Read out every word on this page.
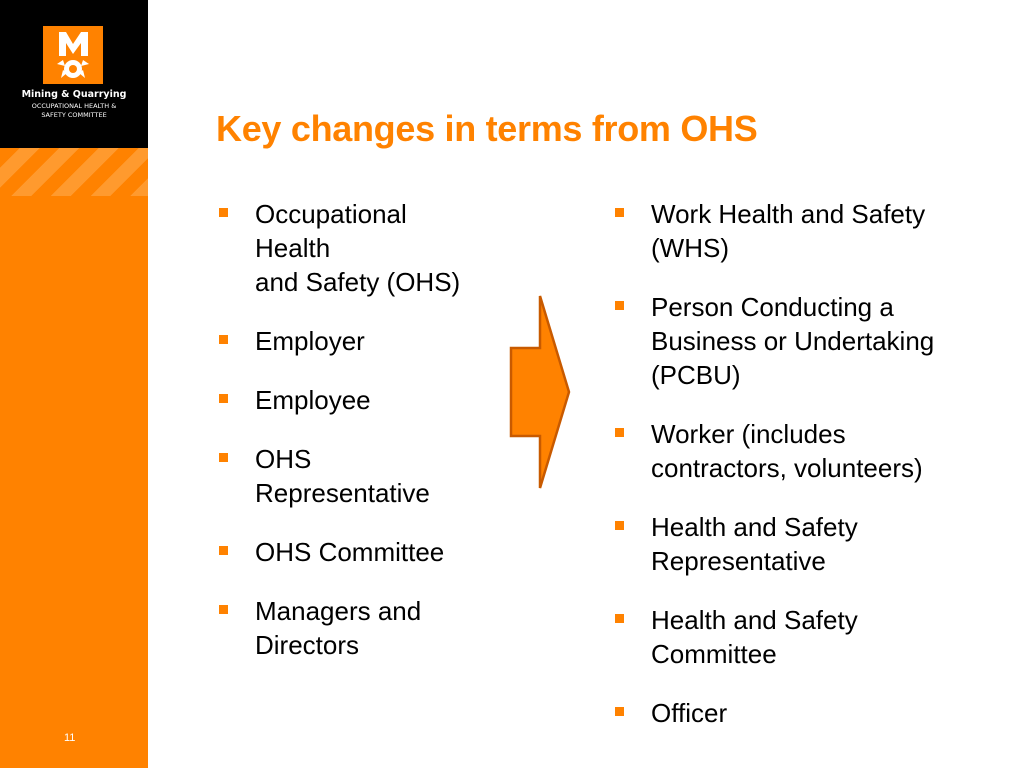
Mining & Quarrying
OCCUPATIONAL HEALTH &
SAFETY COMMITTEE
11
Key changes in terms from OHS
Occupational
Health
and Safety (OHS)
Employer
Employee
OHS
Representative
OHS Committee
Managers and
Directors
Work Health and Safety
(WHS)
Person Conducting a
Business or Undertaking
(PCBU)
Worker (includes
contractors, volunteers)
Health and Safety
Representative
Health and Safety
Committee
Officer
